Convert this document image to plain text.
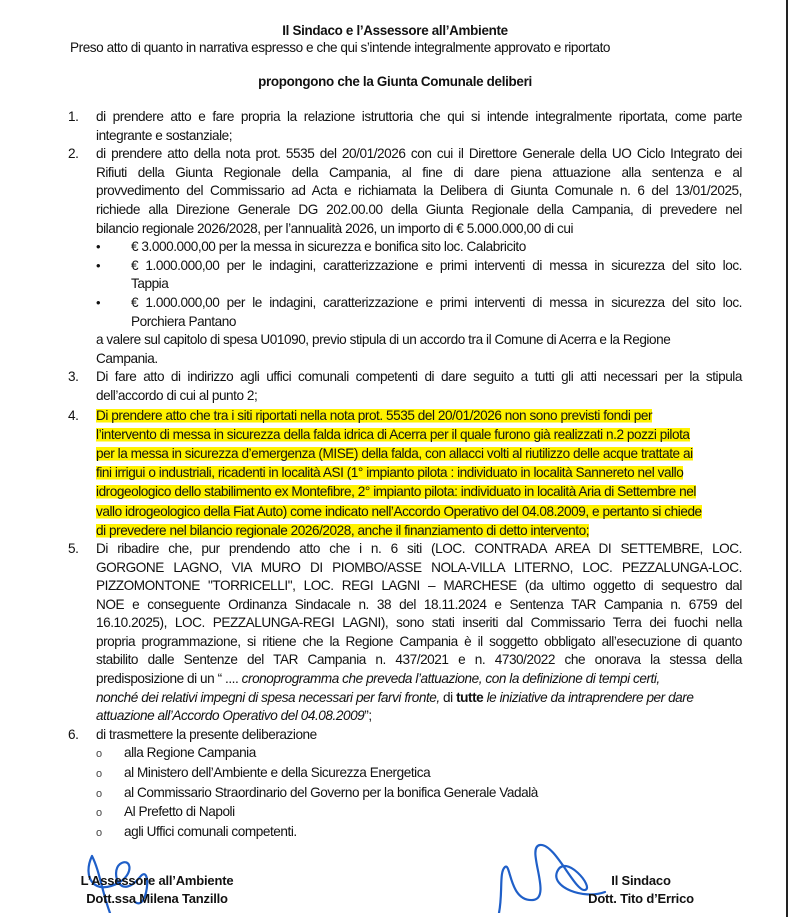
Il Sindaco e l’Assessore all’Ambiente
Preso atto di quanto in narrativa espresso e che qui s’intende integralmente approvato e riportato
propongono che la Giunta Comunale deliberi
1. di prendere atto e fare propria la relazione istruttoria che qui si intende integralmente riportata, come parte
integrante e sostanziale;
2. di prendere atto della nota prot. 5535 del 20/01/2026 con cui il Direttore Generale della UO Ciclo Integrato dei
Rifiuti della Giunta Regionale della Campania, al fine di dare piena attuazione alla sentenza e al
provvedimento del Commissario ad Acta e richiamata la Delibera di Giunta Comunale n. 6 del 13/01/2025,
richiede alla Direzione Generale DG 202.00.00 della Giunta Regionale della Campania, di prevedere nel
bilancio regionale 2026/2028, per l’annualità 2026, un importo di € 5.000.000,00 di cui
• € 3.000.000,00 per la messa in sicurezza e bonifica sito loc. Calabricito
• € 1.000.000,00 per le indagini, caratterizzazione e primi interventi di messa in sicurezza del sito loc.
Tappia
• € 1.000.000,00 per le indagini, caratterizzazione e primi interventi di messa in sicurezza del sito loc.
Porchiera Pantano
a valere sul capitolo di spesa U01090, previo stipula di un accordo tra il Comune di Acerra e la Regione
Campania.
3. Di fare atto di indirizzo agli uffici comunali competenti di dare seguito a tutti gli atti necessari per la stipula
dell’accordo di cui al punto 2;
4. Di prendere atto che tra i siti riportati nella nota prot. 5535 del 20/01/2026 non sono previsti fondi per
l’intervento di messa in sicurezza della falda idrica di Acerra per il quale furono già realizzati n.2 pozzi pilota
per la messa in sicurezza d’emergenza (MISE) della falda, con allacci volti al riutilizzo delle acque trattate ai
fini irrigui o industriali, ricadenti in località ASI (1° impianto pilota : individuato in località Sannereto nel vallo
idrogeologico dello stabilimento ex Montefibre, 2° impianto pilota: individuato in località Aria di Settembre nel
vallo idrogeologico della Fiat Auto) come indicato nell’Accordo Operativo del 04.08.2009, e pertanto si chiede
di prevedere nel bilancio regionale 2026/2028, anche il finanziamento di detto intervento;
5. Di ribadire che, pur prendendo atto che i n. 6 siti (LOC. CONTRADA AREA DI SETTEMBRE, LOC.
GORGONE LAGNO, VIA MURO DI PIOMBO/ASSE NOLA-VILLA LITERNO, LOC. PEZZALUNGA-LOC.
PIZZOMONTONE "TORRICELLI", LOC. REGI LAGNI – MARCHESE (da ultimo oggetto di sequestro dal
NOE e conseguente Ordinanza Sindacale n. 38 del 18.11.2024 e Sentenza TAR Campania n. 6759 del
16.10.2025), LOC. PEZZALUNGA-REGI LAGNI), sono stati inseriti dal Commissario Terra dei fuochi nella
propria programmazione, si ritiene che la Regione Campania è il soggetto obbligato all’esecuzione di quanto
stabilito dalle Sentenze del TAR Campania n. 437/2021 e n. 4730/2022 che onorava la stessa della
predisposizione di un “ .... cronoprogramma che preveda l’attuazione, con la definizione di tempi certi,
nonché dei relativi impegni di spesa necessari per farvi fronte, di tutte le iniziative da intraprendere per dare
attuazione all’Accordo Operativo del 04.08.2009”;
6. di trasmettere la presente deliberazione
o alla Regione Campania
o al Ministero dell’Ambiente e della Sicurezza Energetica
o al Commissario Straordinario del Governo per la bonifica Generale Vadalà
o Al Prefetto di Napoli
o agli Uffici comunali competenti.
L’Assessore all’Ambiente
Dott.ssa Milena Tanzillo
Il Sindaco
Dott. Tito d’Errico
